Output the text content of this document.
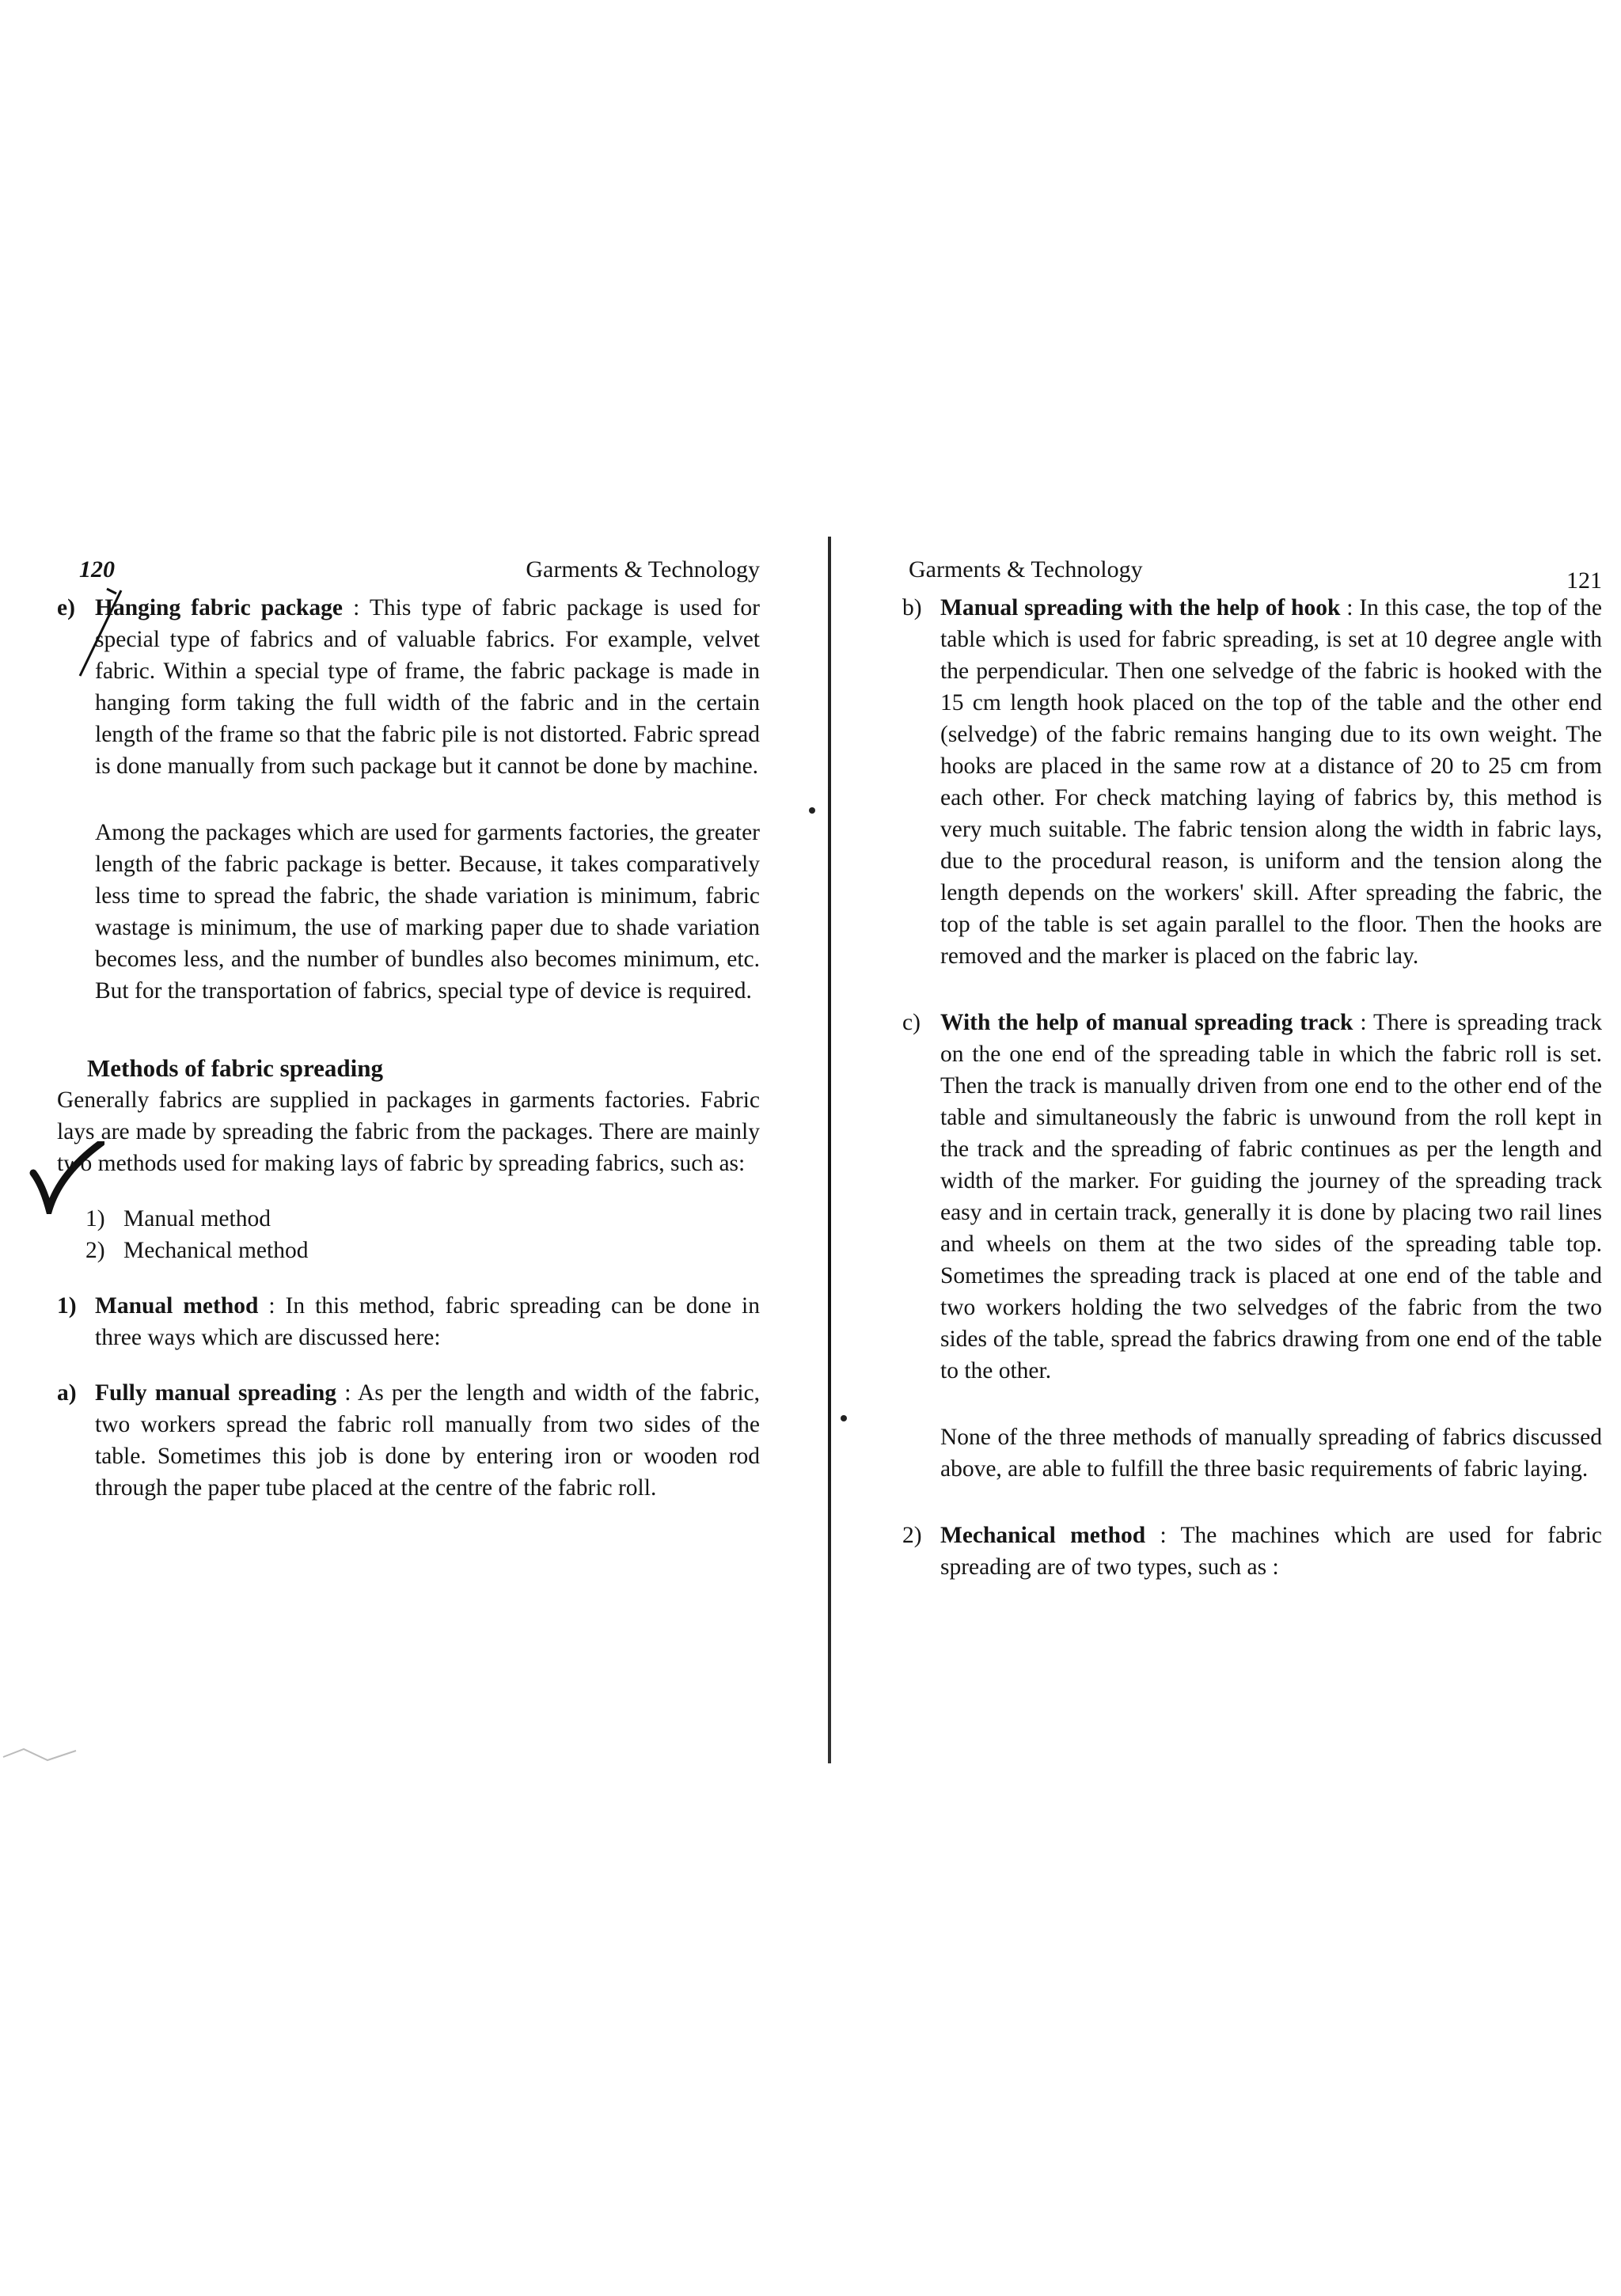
120	Garments & Technology
e) Hanging fabric package : This type of fabric package is used for special type of fabrics and of valuable fabrics. For example, velvet fabric. Within a special type of frame, the fabric package is made in hanging form taking the full width of the fabric and in the certain length of the frame so that the fabric pile is not distorted. Fabric spread is done manually from such package but it cannot be done by machine.
Among the packages which are used for garments factories, the greater length of the fabric package is better. Because, it takes comparatively less time to spread the fabric, the shade variation is minimum, fabric wastage is minimum, the use of marking paper due to shade variation becomes less, and the number of bundles also becomes minimum, etc. But for the transportation of fabrics, special type of device is required.
Methods of fabric spreading
Generally fabrics are supplied in packages in garments factories. Fabric lays are made by spreading the fabric from the packages. There are mainly two methods used for making lays of fabric by spreading fabrics, such as:
1) Manual method
2) Mechanical method
1) Manual method : In this method, fabric spreading can be done in three ways which are discussed here:
a) Fully manual spreading : As per the length and width of the fabric, two workers spread the fabric roll manually from two sides of the table. Sometimes this job is done by entering iron or wooden rod through the paper tube placed at the centre of the fabric roll.
Garments & Technology	121
b) Manual spreading with the help of hook : In this case, the top of the table which is used for fabric spreading, is set at 10 degree angle with the perpendicular. Then one selvedge of the fabric is hooked with the 15 cm length hook placed on the top of the table and the other end (selvedge) of the fabric remains hanging due to its own weight. The hooks are placed in the same row at a distance of 20 to 25 cm from each other. For check matching laying of fabrics by, this method is very much suitable. The fabric tension along the width in fabric lays, due to the procedural reason, is uniform and the tension along the length depends on the workers' skill. After spreading the fabric, the top of the table is set again parallel to the floor. Then the hooks are removed and the marker is placed on the fabric lay.
c) With the help of manual spreading track : There is spreading track on the one end of the spreading table in which the fabric roll is set. Then the track is manually driven from one end to the other end of the table and simultaneously the fabric is unwound from the roll kept in the track and the spreading of fabric continues as per the length and width of the marker. For guiding the journey of the spreading track easy and in certain track, generally it is done by placing two rail lines and wheels on them at the two sides of the spreading table top. Sometimes the spreading track is placed at one end of the table and two workers holding the two selvedges of the fabric from the two sides of the table, spread the fabrics drawing from one end of the table to the other.
None of the three methods of manually spreading of fabrics discussed above, are able to fulfill the three basic requirements of fabric laying.
2) Mechanical method : The machines which are used for fabric spreading are of two types, such as :
